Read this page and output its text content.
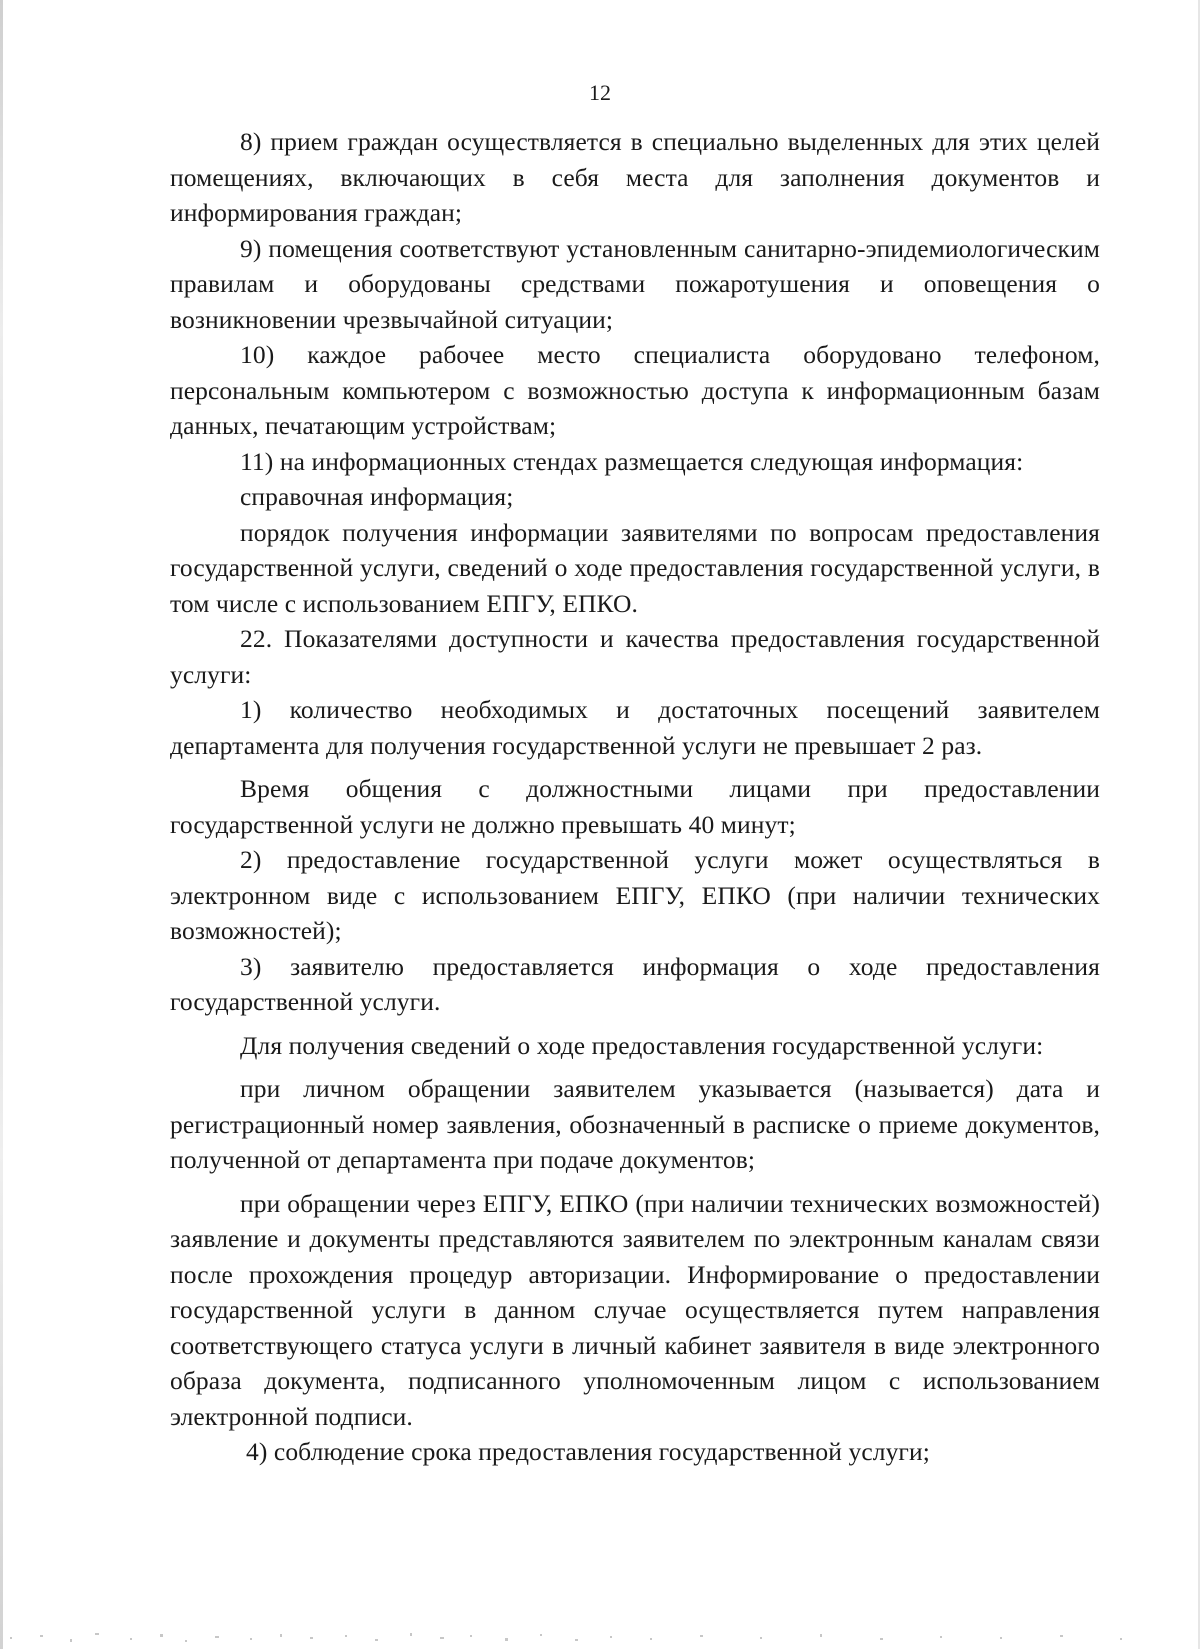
12

8) прием граждан осуществляется в специально выделенных для этих целей помещениях, включающих в себя места для заполнения документов и информирования граждан;

9) помещения соответствуют установленным санитарно-эпидемиологическим правилам и оборудованы средствами пожаротушения и оповещения о возникновении чрезвычайной ситуации;

10) каждое рабочее место специалиста оборудовано телефоном, персональным компьютером с возможностью доступа к информационным базам данных, печатающим устройствам;

11) на информационных стендах размещается следующая информация:

справочная информация;

порядок получения информации заявителями по вопросам предоставления государственной услуги, сведений о ходе предоставления государственной услуги, в том числе с использованием ЕПГУ, ЕПКО.

22. Показателями доступности и качества предоставления государственной услуги:

1) количество необходимых и достаточных посещений заявителем департамента для получения государственной услуги не превышает 2 раз.

Время общения с должностными лицами при предоставлении государственной услуги не должно превышать 40 минут;

2) предоставление государственной услуги может осуществляться в электронном виде с использованием ЕПГУ, ЕПКО (при наличии технических возможностей);

3) заявителю предоставляется информация о ходе предоставления государственной услуги.

Для получения сведений о ходе предоставления государственной услуги:

при личном обращении заявителем указывается (называется) дата и регистрационный номер заявления, обозначенный в расписке о приеме документов, полученной от департамента при подаче документов;

при обращении через ЕПГУ, ЕПКО (при наличии технических возможностей) заявление и документы представляются заявителем по электронным каналам связи после прохождения процедур авторизации. Информирование о предоставлении государственной услуги в данном случае осуществляется путем направления соответствующего статуса услуги в личный кабинет заявителя в виде электронного образа документа, подписанного уполномоченным лицом с использованием электронной подписи.

4) соблюдение срока предоставления государственной услуги;
